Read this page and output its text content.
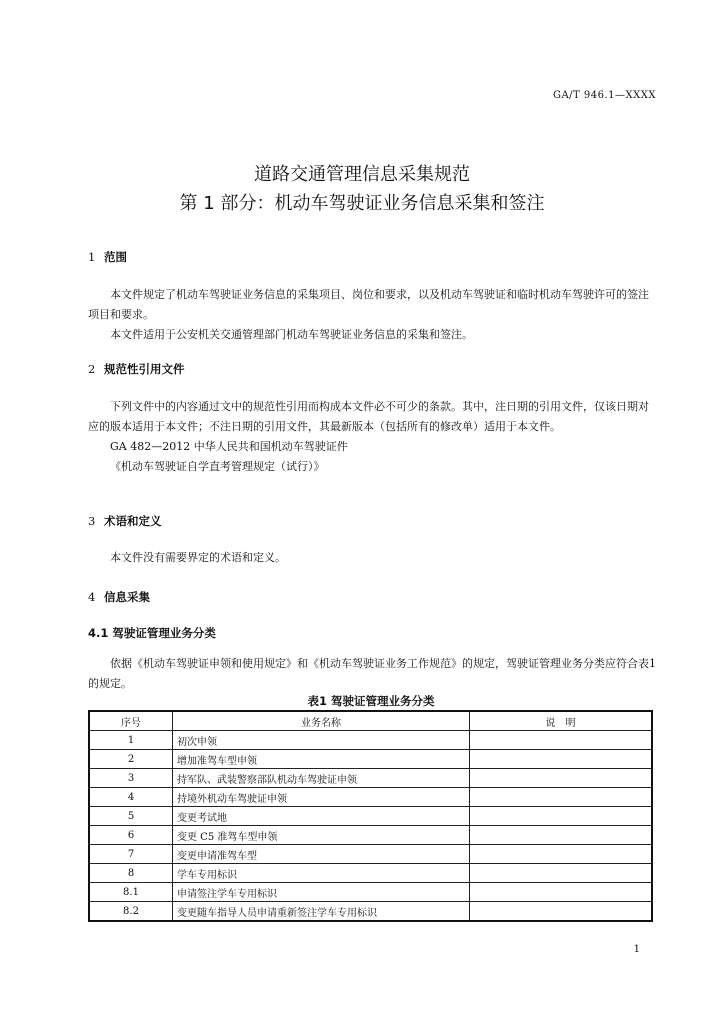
GA/T 946.1—XXXX
道路交通管理信息采集规范
第 1 部分：机动车驾驶证业务信息采集和签注
1 范围

本文件规定了机动车驾驶证业务信息的采集项目、岗位和要求，以及机动车驾驶证和临时机动车驾驶许可的签注项目和要求。

本文件适用于公安机关交通管理部门机动车驾驶证业务信息的采集和签注。

2 规范性引用文件

下列文件中的内容通过文中的规范性引用而构成本文件必不可少的条款。其中，注日期的引用文件，仅该日期对应的版本适用于本文件；不注日期的引用文件，其最新版本（包括所有的修改单）适用于本文件。

GA 482—2012 中华人民共和国机动车驾驶证件

《机动车驾驶证自学直考管理规定（试行）》

3 术语和定义

本文件没有需要界定的术语和定义。

4 信息采集
4.1 驾驶证管理业务分类

依据《机动车驾驶证申领和使用规定》和《机动车驾驶证业务工作规范》的规定，驾驶证管理业务分类应符合表1的规定。

表1 驾驶证管理业务分类
序号	业务名称	说　明
1	初次申领	
2	增加准驾车型申领	
3	持军队、武装警察部队机动车驾驶证申领	
4	持境外机动车驾驶证申领	
5	变更考试地	
6	变更 C5 准驾车型申领	
7	变更申请准驾车型	
8	学车专用标识	
8.1	申请签注学车专用标识	
8.2	变更随车指导人员申请重新签注学车专用标识	
1
